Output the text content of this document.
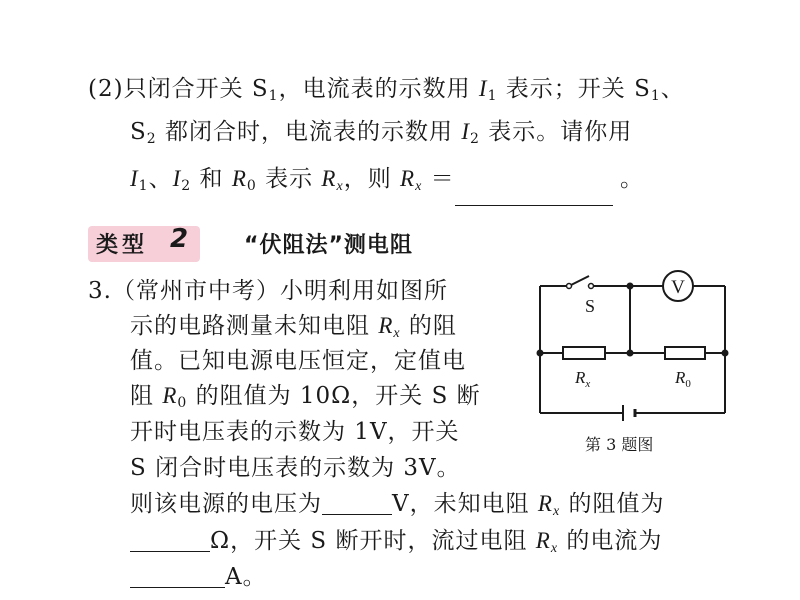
(2)只闭合开关 $S_1$，电流表的示数用 $I_1$ 表示；开关 $S_1$、
$S_2$ 都闭合时，电流表的示数用 $I_2$ 表示。请你用
$I_1$、$I_2$ 和 $R_0$ 表示 $R_x$，则 $R_x$ ＝	。
类型 2	“伏阻法”测电阻
3.（常州市中考）小明利用如图所
示的电路测量未知电阻 $R_x$ 的阻
值。已知电源电压恒定，定值电
阻 $R_0$ 的阻值为 10Ω，开关 S 断
开时电压表的示数为 1V，开关
S 闭合时电压表的示数为 3V。
则该电源的电压为	V，未知电阻 $R_x$ 的阻值为
Ω，开关 S 断开时，流过电阻 $R_x$ 的电流为
A。
V
S
$R_x$	$R_0$
第 3 题图
